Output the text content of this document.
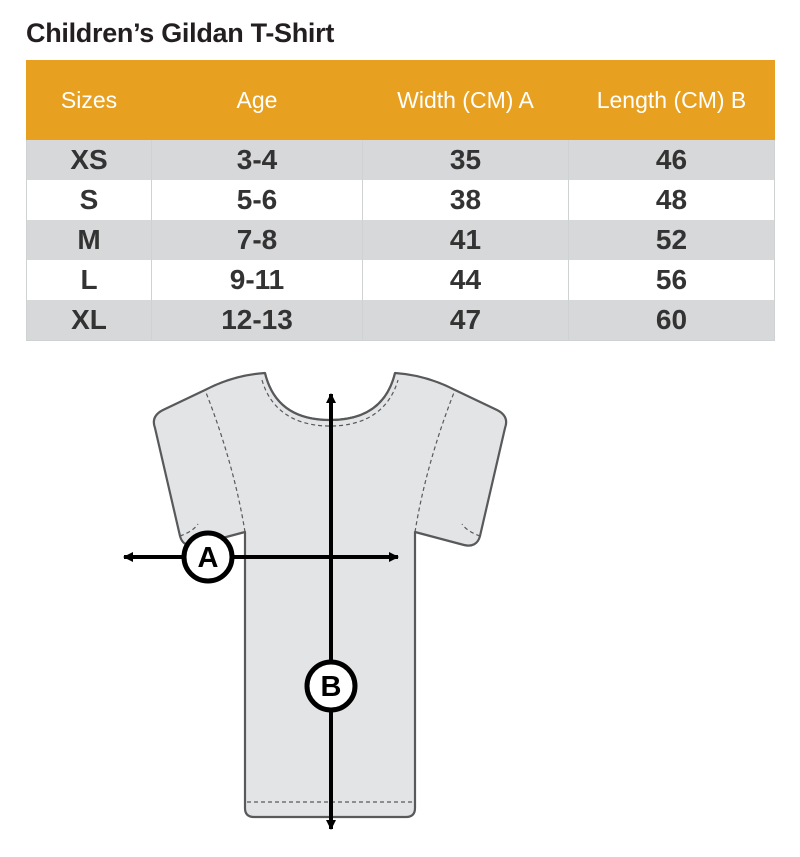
Children’s Gildan T-Shirt
Sizes	Age	Width (CM) A	Length (CM) B
XS	3-4	35	46
S	5-6	38	48
M	7-8	41	52
L	9-11	44	56
XL	12-13	47	60
A
B
